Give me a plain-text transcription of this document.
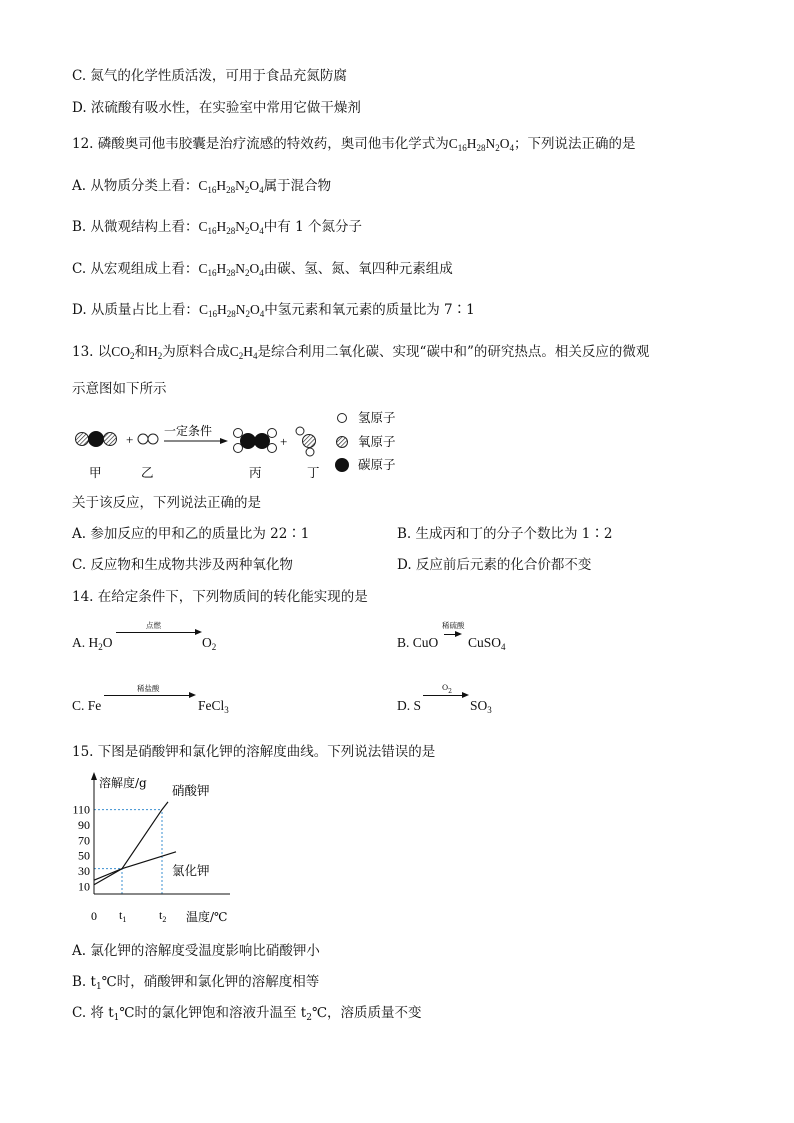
C. 氮气的化学性质活泼，可用于食品充氮防腐
D. 浓硫酸有吸水性，在实验室中常用它做干燥剂
12. 磷酸奥司他韦胶囊是治疗流感的特效药，奥司他韦化学式为$C_{16}H_{28}N_2O_4$；下列说法正确的是
A. 从物质分类上看：$C_{16}H_{28}N_2O_4$属于混合物
B. 从微观结构上看：$C_{16}H_{28}N_2O_4$中有 1 个氮分子
C. 从宏观组成上看：$C_{16}H_{28}N_2O_4$由碳、氢、氮、氧四种元素组成
D. 从质量占比上看：$C_{16}H_{28}N_2O_4$中氢元素和氧元素的质量比为 7∶1
13. 以$CO_2$和$H_2$为原料合成$C_2H_4$是综合利用二氧化碳、实现“碳中和”的研究热点。相关反应的微观
示意图如下所示
+
一定条件
+
氢原子
氧原子
碳原子
甲	乙	丙	丁
关于该反应，下列说法正确的是
A. 参加反应的甲和乙的质量比为 22∶1	B. 生成丙和丁的分子个数比为 1∶2
C. 反应物和生成物共涉及两种氧化物	D. 反应前后元素的化合价都不变
14. 在给定条件下，下列物质间的转化能实现的是
A. $H_2O$
点燃
$O_2$	B. CuO
稀硫酸
CuSO$_4$
C. Fe
稀盐酸
FeCl$_3$	D. S
$O_2$
$SO_3$
15. 下图是硝酸钾和氯化钾的溶解度曲线。下列说法错误的是
溶解度/g
温度/℃
0
10
30
50
70
90
110
$t_1$	$t_2$
硝酸钾
氯化钾
A. 氯化钾的溶解度受温度影响比硝酸钾小
B. $t_1℃$时，硝酸钾和氯化钾的溶解度相等
C. 将 $t_1℃$时的氯化钾饱和溶液升温至 $t_2℃$，溶质质量不变
